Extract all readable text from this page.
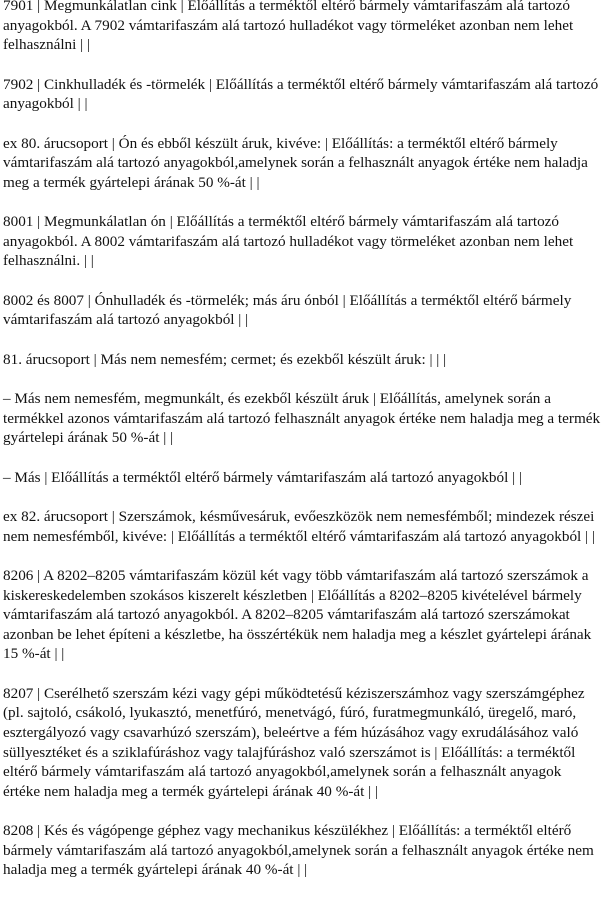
7901 | Megmunkálatlan cink | Előállítás a terméktől eltérő bármely vámtarifaszám alá tartozó anyagokból. A 7902 vámtarifaszám alá tartozó hulladékot vagy törmeléket azonban nem lehet felhasználni | |

7902 | Cinkhulladék és -törmelék | Előállítás a terméktől eltérő bármely vámtarifaszám alá tartozó anyagokból | |

ex 80. árucsoport | Ón és ebből készült áruk, kivéve: | Előállítás: a terméktől eltérő bármely vámtarifaszám alá tartozó anyagokból,amelynek során a felhasznált anyagok értéke nem haladja meg a termék gyártelepi árának 50 %-át | |

8001 | Megmunkálatlan ón | Előállítás a terméktől eltérő bármely vámtarifaszám alá tartozó anyagokból. A 8002 vámtarifaszám alá tartozó hulladékot vagy törmeléket azonban nem lehet felhasználni. | |

8002 és 8007 | Ónhulladék és -törmelék; más áru ónból | Előállítás a terméktől eltérő bármely vámtarifaszám alá tartozó anyagokból | |

81. árucsoport | Más nem nemesfém; cermet; és ezekből készült áruk: | | |

– Más nem nemesfém, megmunkált, és ezekből készült áruk | Előállítás, amelynek során a termékkel azonos vámtarifaszám alá tartozó felhasznált anyagok értéke nem haladja meg a termék gyártelepi árának 50 %-át | |

– Más | Előállítás a terméktől eltérő bármely vámtarifaszám alá tartozó anyagokból | |

ex 82. árucsoport | Szerszámok, késművesáruk, evőeszközök nem nemesfémből; mindezek részei nem nemesfémből, kivéve: | Előállítás a terméktől eltérő vámtarifaszám alá tartozó anyagokból | |

8206 | A 8202–8205 vámtarifaszám közül két vagy több vámtarifaszám alá tartozó szerszámok a kiskereskedelemben szokásos kiszerelt készletben | Előállítás a 8202–8205 kivételével bármely vámtarifaszám alá tartozó anyagokból. A 8202–8205 vámtarifaszám alá tartozó szerszámokat azonban be lehet építeni a készletbe, ha összértékük nem haladja meg a készlet gyártelepi árának 15 %-át | |

8207 | Cserélhető szerszám kézi vagy gépi működtetésű kéziszerszámhoz vagy szerszámgéphez (pl. sajtoló, csákoló, lyukasztó, menetfúró, menetvágó, fúró, furatmegmunkáló, üregelő, maró, esztergályozó vagy csavarhúzó szerszám), beleértve a fém húzásához vagy exrudálásához való süllyesztéket és a sziklafúráshoz vagy talajfúráshoz való szerszámot is | Előállítás: a terméktől eltérő bármely vámtarifaszám alá tartozó anyagokból,amelynek során a felhasznált anyagok értéke nem haladja meg a termék gyártelepi árának 40 %-át | |

8208 | Kés és vágópenge géphez vagy mechanikus készülékhez | Előállítás: a terméktől eltérő bármely vámtarifaszám alá tartozó anyagokból,amelynek során a felhasznált anyagok értéke nem haladja meg a termék gyártelepi árának 40 %-át | |
